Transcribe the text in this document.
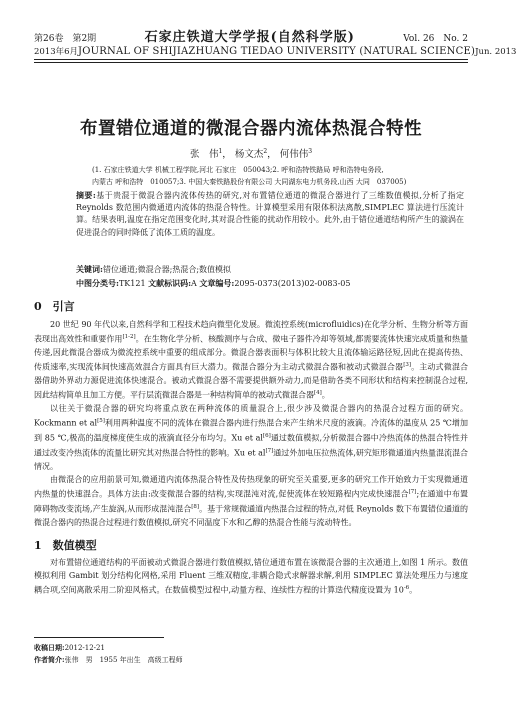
第26卷　第2期	石家庄铁道大学学报(自然科学版)	Vol. 26　No. 2
2013年6月 JOURNAL OF SHIJIAZHUANG TIEDAO UNIVERSITY (NATURAL SCIENCE) Jun. 2013
布置错位通道的微混合器内流体热混合特性
张　伟$^1$， 杨文杰$^2$， 何伟伟$^3$
(1. 石家庄铁道大学 机械工程学院,河北 石家庄　050043;2. 呼和浩特铁路局 呼和浩特电务段,
内蒙古 呼和浩特　010057;3. 中国大秦铁路股份有限公司 大同湖东电力机务段,山西 大同　037005)
摘要:基于贵混于微混合器内流体传热的研究,对布置错位通道的微混合器进行了三维数值模拟,分析了指定 Reynolds 数范围内微通道内流体的热混合特性。计算模型采用有限体积法离散,SIMPLEC 算法进行压流计算。结果表明,温度在指定范围变化时,其对混合性能的扰动作用较小。此外,由于错位通道结构所产生的漩涡在促进混合的同时降低了流体工质的温度。
关键词:错位通道;微混合器;热混合;数值模拟
中图分类号:TK121 文献标识码:A 文章编号:2095-0373(2013)02-0083-05
0　引言

20 世纪 90 年代以来,自然科学和工程技术趋向微型化发展。微流控系统(microfluidics)在化学分析、生物分析等方面表现出高效性和重要作用[1-2]。在生物化学分析、核酸测序与合成、微电子器件冷却等领域,都需要流体快速完成质量和热量传递,因此微混合器成为微流控系统中重要的组成部分。微混合器表面积与体积比较大且流体输运路径短,因此在提高传热、传质速率,实现流体间快速高效混合方面具有巨大潜力。微混合器分为主动式微混合器和被动式微混合器[3]。主动式微混合器借助外界动力源促进流体快速混合。被动式微混合器不需要提供额外动力,而是借助各类不同形状和结构来控制混合过程,因此结构简单且加工方便。平行层流微混合器是一种结构简单的被动式微混合器[4]。

以往关于微混合器的研究均将重点放在两种流体的质量混合上,很少涉及微混合器内的热混合过程方面的研究。Kockmann et al[5]利用两种温度不同的流体在微混合器内进行热混合来产生纳米尺度的液滴。冷流体的温度从 25 ℃增加到 85 ℃,极高的温度梯度使生成的液滴直径分布均匀。Xu et al[6]通过数值模拟,分析微混合器中冷热流体的热混合特性并通过改变冷热流体的流量比研究其对热混合特性的影响。Xu et al[7]通过外加电压拉热流体,研究矩形微通道内热量混流混合情况。

由微混合的应用前景可知,微通道内流体热混合特性及传热现象的研究至关重要,更多的研究工作开始致力于实现微通道内热量的快速混合。具体方法由:改变微混合器的结构,实现混沌对流,促使流体在较短路程内完成快速混合[7];在通道中布置障碍物改变流场,产生旋涡,从而形成混沌混合[8]。基于常规微通道内热混合过程的特点,对低 Reynolds 数下布置错位通道的微混合器内的热混合过程进行数值模拟,研究不同温度下水和乙醇的热混合性能与流动特性。

1　数值模型

对布置错位通道结构的平面被动式微混合器进行数值模拟,错位通道布置在该微混合器的主次通道上,如图 1 所示。数值模拟利用 Gambit 划分结构化网格,采用 Fluent 三维双精度,非耦合隐式求解器求解,利用 SIMPLEC 算法处理压力与速度耦合项,空间离散采用二阶迎风格式。在数值模型过程中,动量方程、连续性方程的计算迭代精度设置为 $10^{-6}$。

收稿日期:2012-12-21
作者简介:张伟　男　1955 年出生　高级工程师
